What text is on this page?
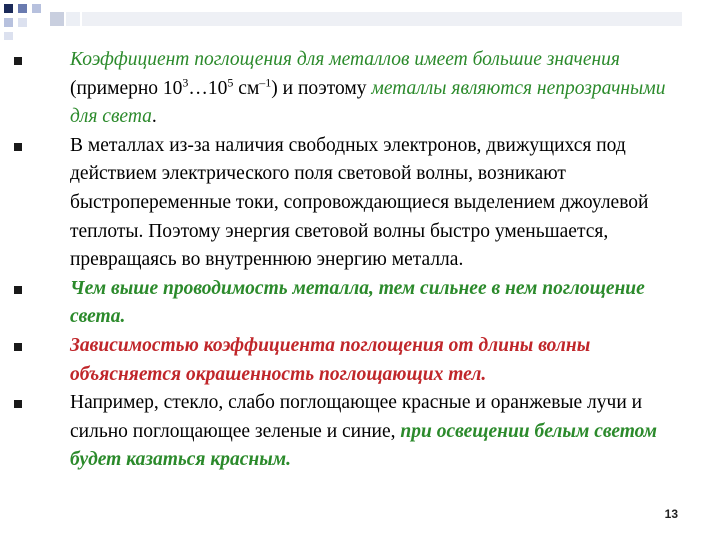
Коэффициент поглощения для металлов имеет большие значения (примерно $10^3\dots 10^5$ $см^{-1}$) и поэтому металлы являются непрозрачными для света.
В металлах из-за наличия свободных электронов, движущихся под действием электрического поля световой волны, возникают быстропеременные токи, сопровождающиеся выделением джоулевой теплоты. Поэтому энергия световой волны быстро уменьшается, превращаясь во внутреннюю энергию металла.
Чем выше проводимость металла, тем сильнее в нем поглощение света.
Зависимостью коэффициента поглощения от длины волны объясняется окрашенность поглощающих тел.
Например, стекло, слабо поглощающее красные и оранжевые лучи и сильно поглощающее зеленые и синие, при освещении белым светом будет казаться красным.
13
